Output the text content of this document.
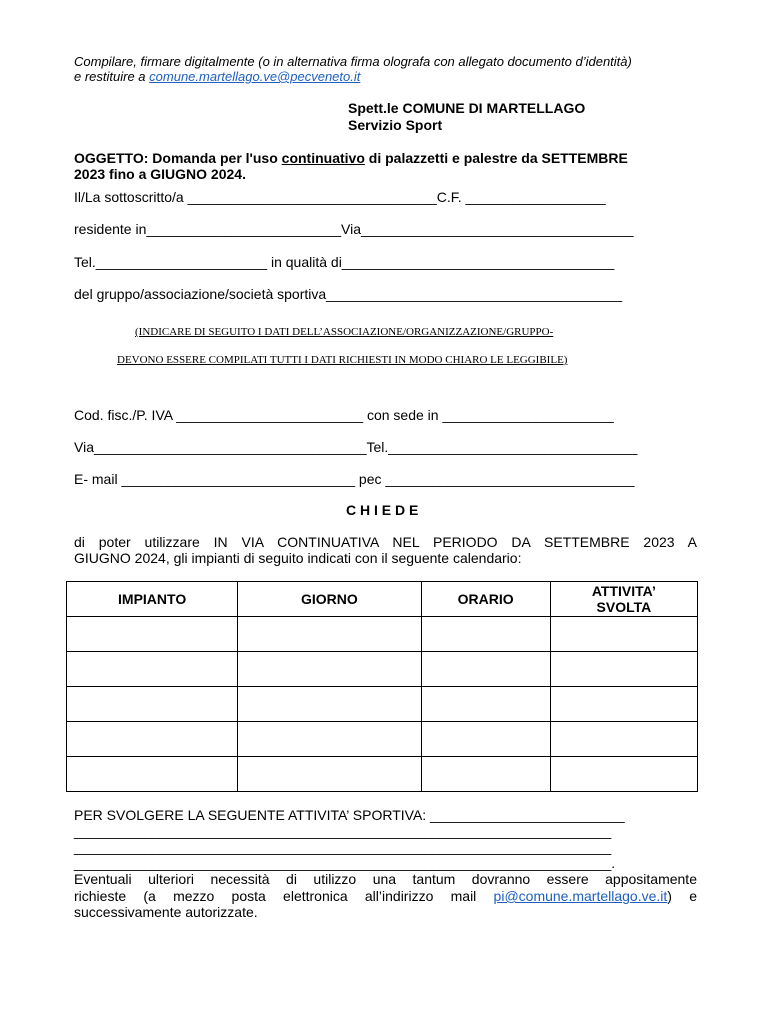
Compilare, firmare digitalmente (o in alternativa firma olografa con allegato documento d’identità)
e restituire a comune.martellago.ve@pecveneto.it
Spett.le COMUNE DI MARTELLAGO
Servizio Sport
OGGETTO: Domanda per l'uso continuativo di palazzetti e palestre da SETTEMBRE
2023 fino a GIUGNO 2024.
Il/La sottoscritto/a ________________________________C.F. __________________
residente in_________________________Via___________________________________
Tel.______________________ in qualità di___________________________________
del gruppo/associazione/società sportiva______________________________________
(INDICARE DI SEGUITO I DATI DELL’ASSOCIAZIONE/ORGANIZZAZIONE/GRUPPO-
DEVONO ESSERE COMPILATI TUTTI I DATI RICHIESTI IN MODO CHIARO LE LEGGIBILE)
Cod. fisc./P. IVA ________________________ con sede in ______________________
Via___________________________________Tel.________________________________
E- mail ______________________________ pec ________________________________
C H I E D E
di poter utilizzare IN VIA CONTINUATIVA NEL PERIODO DA SETTEMBRE 2023 A
GIUGNO 2024, gli impianti di seguito indicati con il seguente calendario:
IMPIANTO	GIORNO	ORARIO	ATTIVITA’ SVOLTA

PER SVOLGERE LA SEGUENTE ATTIVITA’ SPORTIVA: _________________________
_____________________________________________________________________
_____________________________________________________________________
_____________________________________________________________________.
Eventuali ulteriori necessità di utilizzo una tantum dovranno essere appositamente
richieste (a mezzo posta elettronica all’indirizzo mail pi@comune.martellago.ve.it) e
successivamente autorizzate.
